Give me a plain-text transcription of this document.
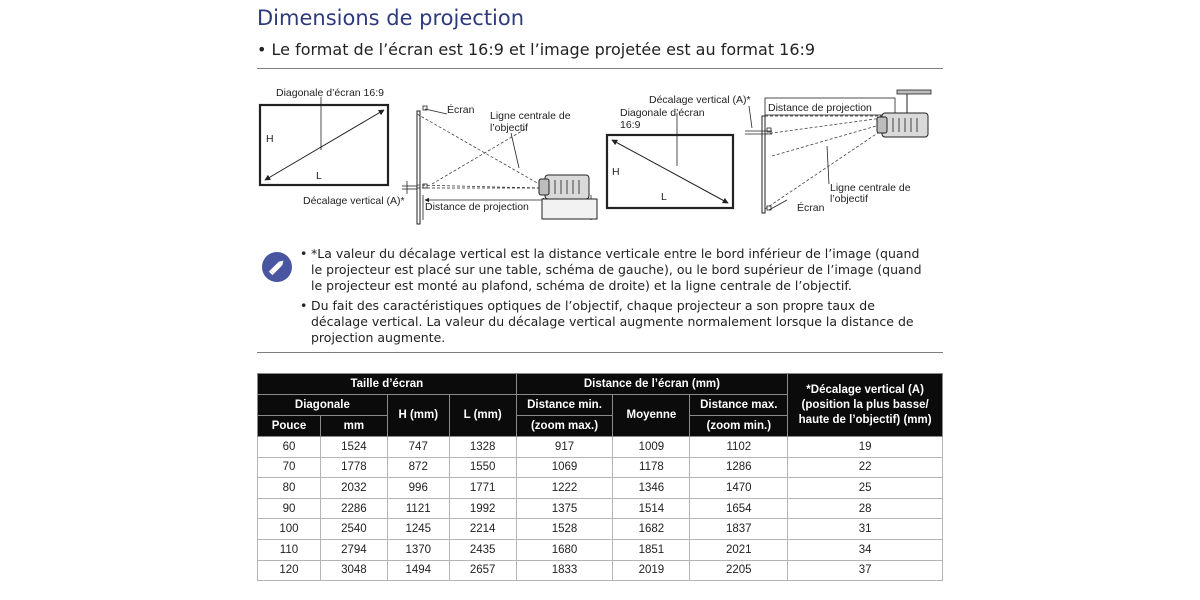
Dimensions de projection
• Le format de l’écran est 16:9 et l’image projetée est au format 16:9
Diagonale d’écran 16:9
H
L
Écran Ligne centrale de
l’objectif
Décalage vertical (A)* Distance de projection
Décalage vertical (A)*
Distance de projection
Diagonale d’écran
16:9
H
L
Ligne centrale de
l’objectif
Écran

• *La valeur du décalage vertical est la distance verticale entre le bord inférieur de l’image (quand le projecteur est placé sur une table, schéma de gauche), ou le bord supérieur de l’image (quand le projecteur est monté au plafond, schéma de droite) et la ligne centrale de l’objectif.

• Du fait des caractéristiques optiques de l’objectif, chaque projecteur a son propre taux de décalage vertical. La valeur du décalage vertical augmente normalement lorsque la distance de projection augmente.

Taille d’écran				Distance de l’écran (mm)			*Décalage vertical (A) (position la plus basse/ haute de l’objectif) (mm)
Diagonale		H (mm)	L (mm)	Distance min.	Moyenne	Distance max.	
Pouce	mm			(zoom max.)		(zoom min.)	
60	1524	747	1328	917	1009	1102	19
70	1778	872	1550	1069	1178	1286	22
80	2032	996	1771	1222	1346	1470	25
90	2286	1121	1992	1375	1514	1654	28
100	2540	1245	2214	1528	1682	1837	31
110	2794	1370	2435	1680	1851	2021	34
120	3048	1494	2657	1833	2019	2205	37
